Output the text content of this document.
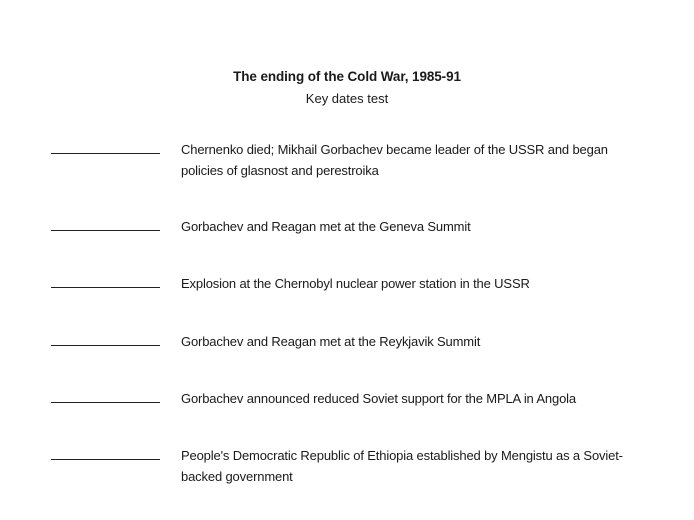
The ending of the Cold War, 1985-91
Key dates test
Chernenko died; Mikhail Gorbachev became leader of the USSR and began policies of glasnost and perestroika
Gorbachev and Reagan met at the Geneva Summit
Explosion at the Chernobyl nuclear power station in the USSR
Gorbachev and Reagan met at the Reykjavik Summit
Gorbachev announced reduced Soviet support for the MPLA in Angola
People's Democratic Republic of Ethiopia established by Mengistu as a Soviet-backed government
